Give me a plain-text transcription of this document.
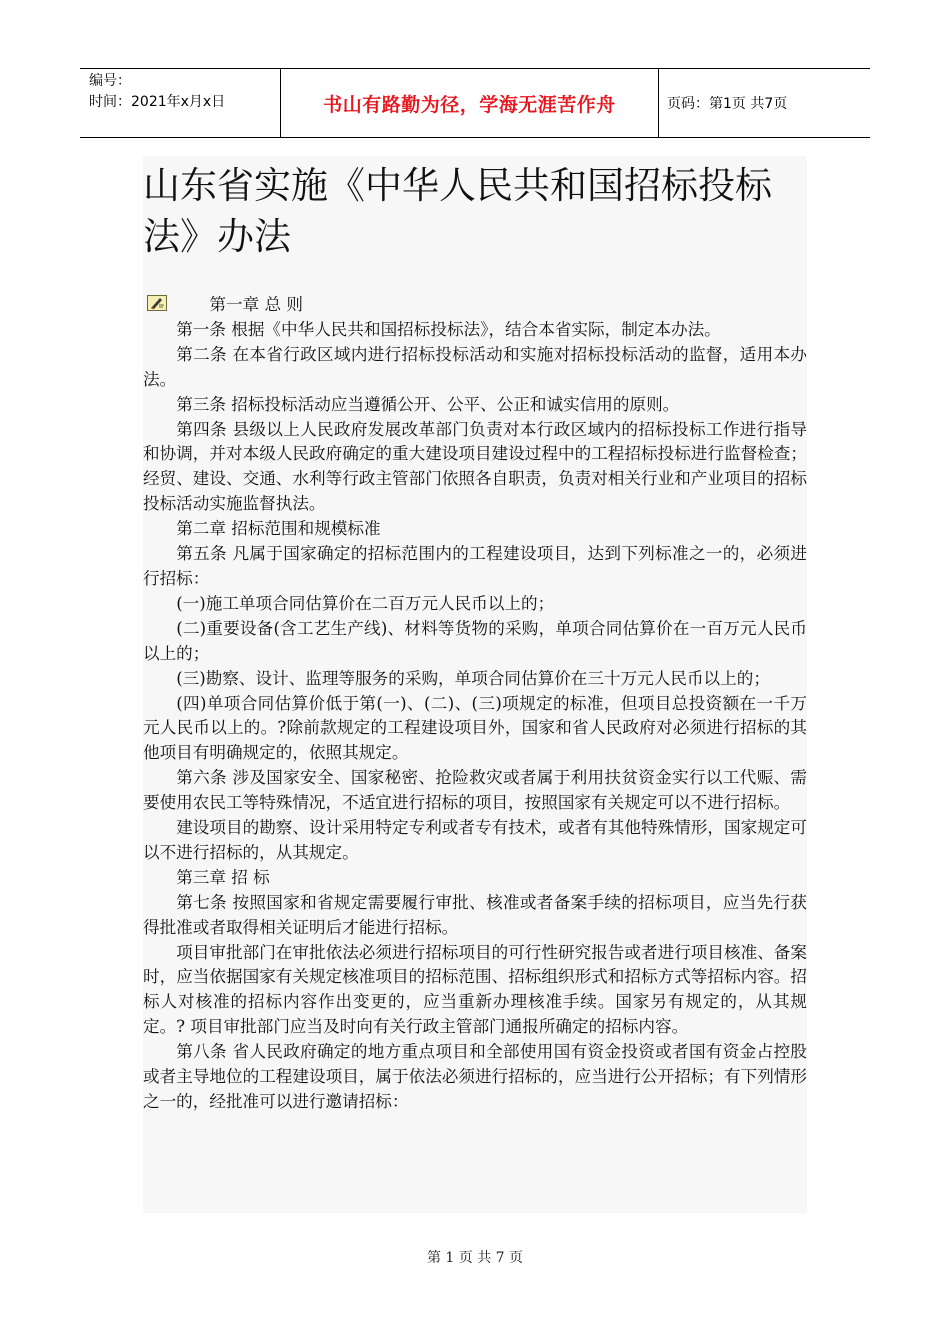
编号：
时间：2021年x月x日	书山有路勤为径，学海无涯苦作舟	页码：第1页 共7页
山东省实施《中华人民共和国招标投标法》办法

第一章 总 则

第一条 根据《中华人民共和国招标投标法》，结合本省实际，制定本办法。

第二条 在本省行政区域内进行招标投标活动和实施对招标投标活动的监督，适用本办法。

第三条 招标投标活动应当遵循公开、公平、公正和诚实信用的原则。

第四条 县级以上人民政府发展改革部门负责对本行政区域内的招标投标工作进行指导和协调，并对本级人民政府确定的重大建设项目建设过程中的工程招标投标进行监督检查；经贸、建设、交通、水利等行政主管部门依照各自职责，负责对相关行业和产业项目的招标投标活动实施监督执法。

第二章 招标范围和规模标准

第五条 凡属于国家确定的招标范围内的工程建设项目，达到下列标准之一的，必须进行招标：

(一)施工单项合同估算价在二百万元人民币以上的；

(二)重要设备(含工艺生产线)、材料等货物的采购，单项合同估算价在一百万元人民币以上的；

(三)勘察、设计、监理等服务的采购，单项合同估算价在三十万元人民币以上的；

(四)单项合同估算价低于第(一)、(二)、(三)项规定的标准，但项目总投资额在一千万元人民币以上的。?除前款规定的工程建设项目外，国家和省人民政府对必须进行招标的其他项目有明确规定的，依照其规定。

第六条 涉及国家安全、国家秘密、抢险救灾或者属于利用扶贫资金实行以工代赈、需要使用农民工等特殊情况，不适宜进行招标的项目，按照国家有关规定可以不进行招标。

建设项目的勘察、设计采用特定专利或者专有技术，或者有其他特殊情形，国家规定可以不进行招标的，从其规定。

第三章 招 标

第七条 按照国家和省规定需要履行审批、核准或者备案手续的招标项目，应当先行获得批准或者取得相关证明后才能进行招标。

项目审批部门在审批依法必须进行招标项目的可行性研究报告或者进行项目核准、备案时，应当依据国家有关规定核准项目的招标范围、招标组织形式和招标方式等招标内容。招标人对核准的招标内容作出变更的，应当重新办理核准手续。国家另有规定的，从其规定。? 项目审批部门应当及时向有关行政主管部门通报所确定的招标内容。

第八条 省人民政府确定的地方重点项目和全部使用国有资金投资或者国有资金占控股或者主导地位的工程建设项目，属于依法必须进行招标的，应当进行公开招标；有下列情形之一的，经批准可以进行邀请招标：

第 1 页 共 7 页
